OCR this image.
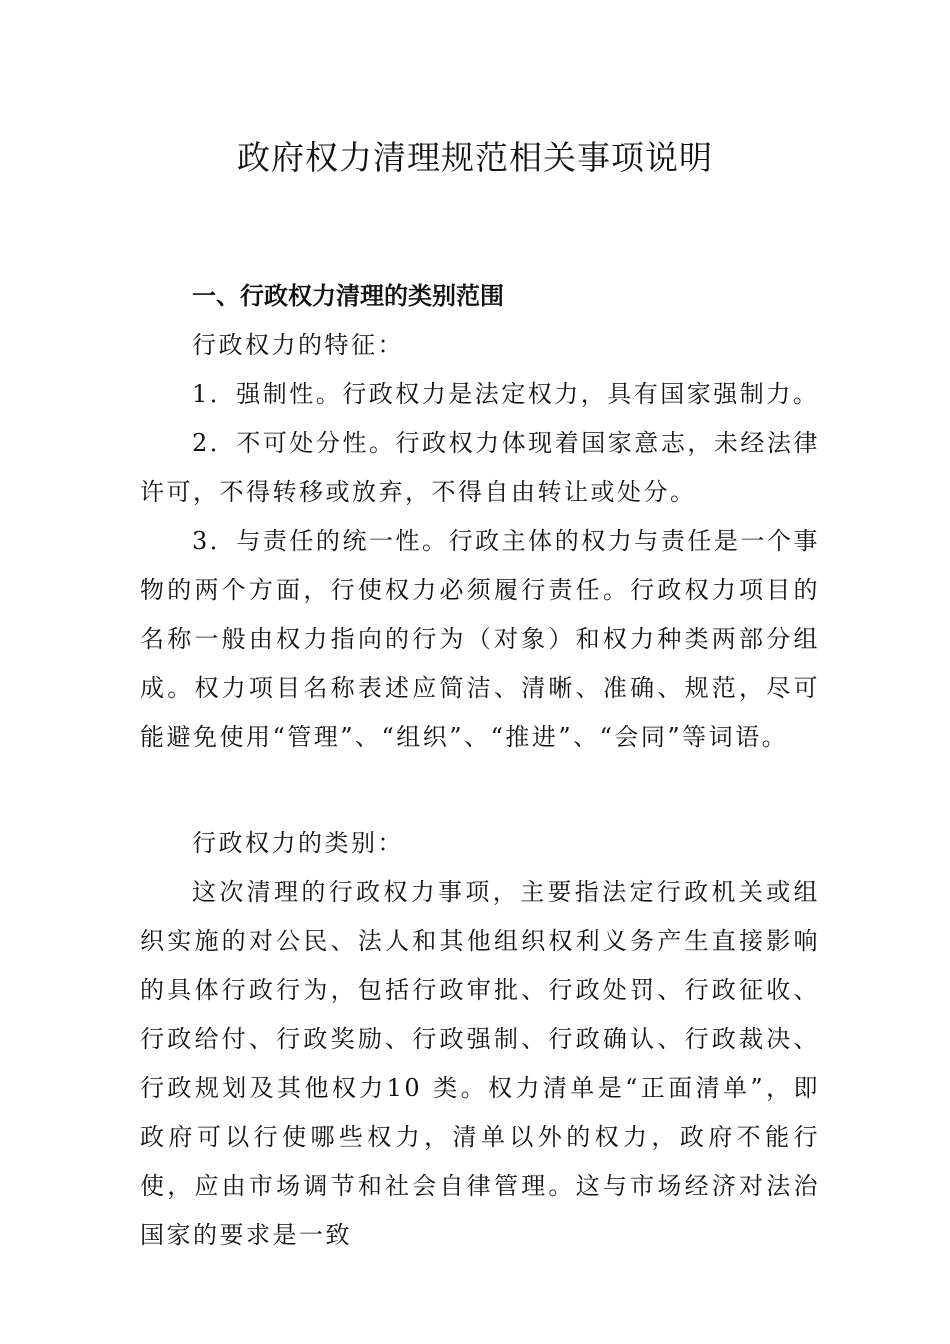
政府权力清理规范相关事项说明
一、行政权力清理的类别范围

行政权力的特征：

1．强制性。行政权力是法定权力，具有国家强制力。

2．不可处分性。行政权力体现着国家意志，未经法律许可，不得转移或放弃，不得自由转让或处分。

3．与责任的统一性。行政主体的权力与责任是一个事物的两个方面，行使权力必须履行责任。行政权力项目的名称一般由权力指向的行为（对象）和权力种类两部分组成。权力项目名称表述应简洁、清晰、准确、规范，尽可能避免使用“管理”、“组织”、“推进”、“会同”等词语。

行政权力的类别：

这次清理的行政权力事项，主要指法定行政机关或组织实施的对公民、法人和其他组织权利义务产生直接影响的具体行政行为，包括行政审批、行政处罚、行政征收、行政给付、行政奖励、行政强制、行政确认、行政裁决、行政规划及其他权力10 类。权力清单是“正面清单”，即政府可以行使哪些权力，清单以外的权力，政府不能行使，应由市场调节和社会自律管理。这与市场经济对法治国家的要求是一致
